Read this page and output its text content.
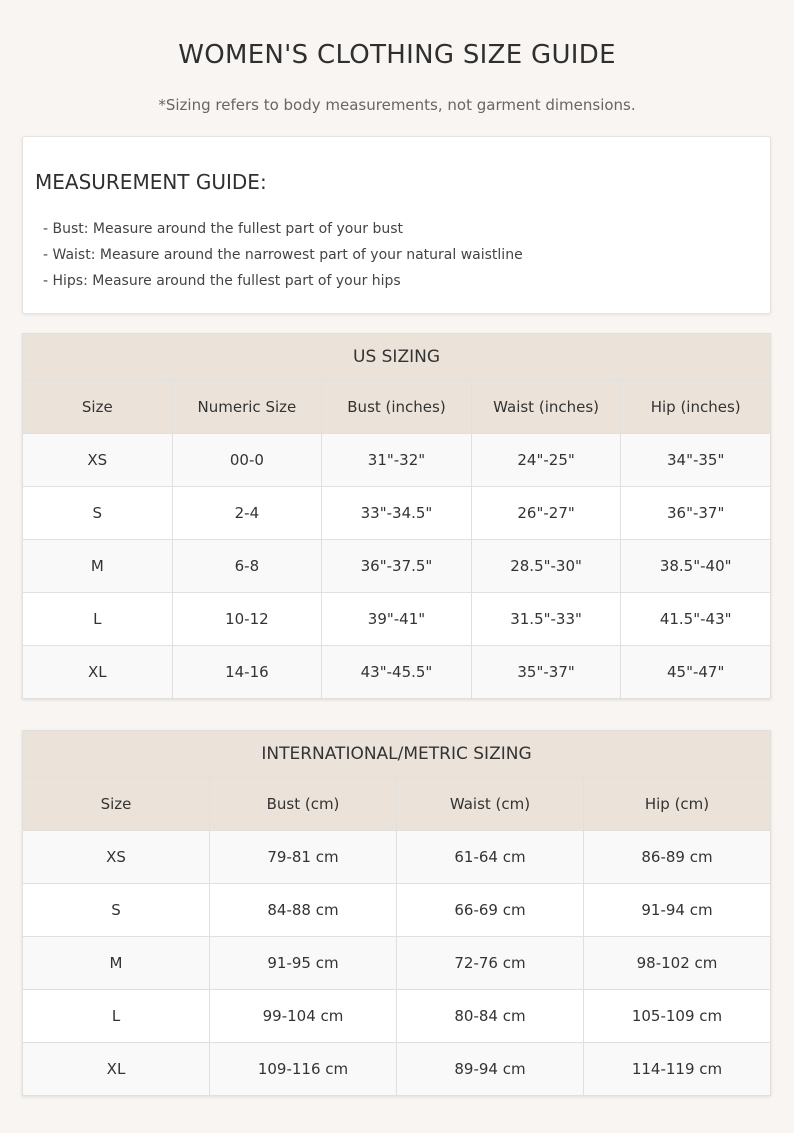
WOMEN'S CLOTHING SIZE GUIDE
*Sizing refers to body measurements, not garment dimensions.
MEASUREMENT GUIDE:
- Bust: Measure around the fullest part of your bust
- Waist: Measure around the narrowest part of your natural waistline
- Hips: Measure around the fullest part of your hips
US SIZING				
Size	Numeric Size	Bust (inches)	Waist (inches)	Hip (inches)
XS	00-0	31"-32"	24"-25"	34"-35"
S	2-4	33"-34.5"	26"-27"	36"-37"
M	6-8	36"-37.5"	28.5"-30"	38.5"-40"
L	10-12	39"-41"	31.5"-33"	41.5"-43"
XL	14-16	43"-45.5"	35"-37"	45"-47"
INTERNATIONAL/METRIC SIZING			
Size	Bust (cm)	Waist (cm)	Hip (cm)
XS	79-81 cm	61-64 cm	86-89 cm
S	84-88 cm	66-69 cm	91-94 cm
M	91-95 cm	72-76 cm	98-102 cm
L	99-104 cm	80-84 cm	105-109 cm
XL	109-116 cm	89-94 cm	114-119 cm
